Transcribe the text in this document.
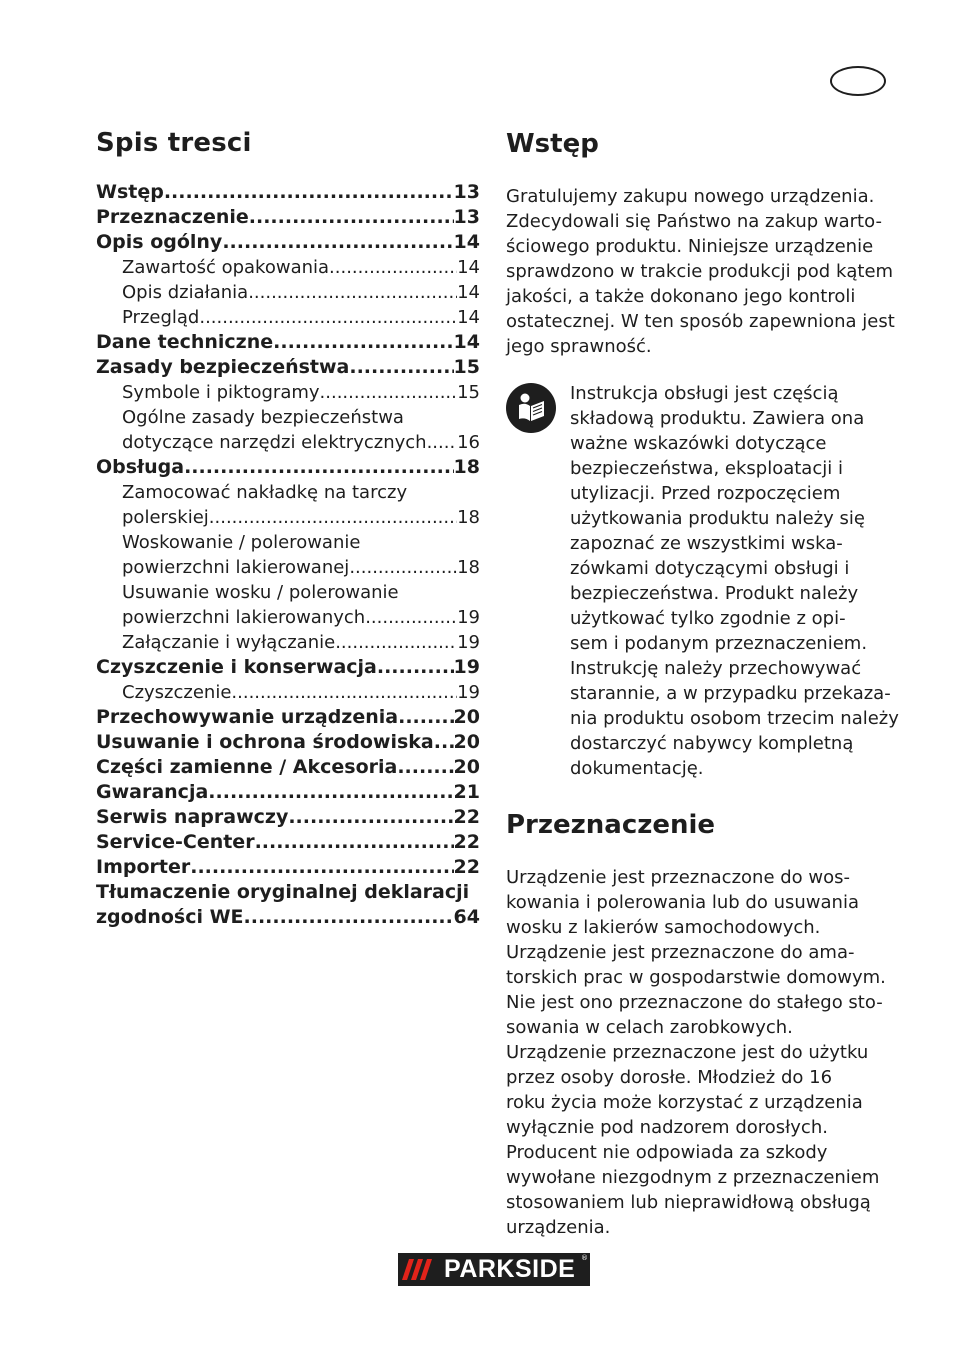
Spis tresci
Wstęp .....	13
Przeznaczenie .....	13
Opis ogólny .....	14
Zawartość opakowania .....	14
Opis działania .....	14
Przegląd .....	14
Dane techniczne .....	14
Zasady bezpieczeństwa .....	15
Symbole i piktogramy .....	15
Ogólne zasady bezpieczeństwa
dotyczące narzędzi elektrycznych ..... 16
Obsługa .....	18
Zamocować nakładkę na tarczy
polerskiej .....	18
Woskowanie / polerowanie
powierzchni lakierowanej .....	18
Usuwanie wosku / polerowanie
powierzchni lakierowanych .....	19
Załączanie i wyłączanie .....	19
Czyszczenie i konserwacja .....	19
Czyszczenie .....	19
Przechowywanie urządzenia .....	20
Usuwanie i ochrona środowiska ..... 20
Części zamienne / Akcesoria .....	20
Gwarancja .....	21
Serwis naprawczy .....	22
Service-Center .....	22
Importer .....	22
Tłumaczenie oryginalnej deklaracji
zgodności WE .....	64
Wstęp
Gratulujemy zakupu nowego urządzenia.
Zdecydowali się Państwo na zakup warto-
ściowego produktu. Niniejsze urządzenie
sprawdzono w trakcie produkcji pod kątem
jakości, a także dokonano jego kontroli
ostatecznej. W ten sposób zapewniona jest
jego sprawność.
Instrukcja obsługi jest częścią
składową produktu. Zawiera ona
ważne wskazówki dotyczące
bezpieczeństwa, eksploatacji i
utylizacji. Przed rozpoczęciem
użytkowania produktu należy się
zapoznać ze wszystkimi wska-
zówkami dotyczącymi obsługi i
bezpieczeństwa. Produkt należy
użytkować tylko zgodnie z opi-
sem i podanym przeznaczeniem.
Instrukcję należy przechowywać
starannie, a w przypadku przekaza-
nia produktu osobom trzecim należy
dostarczyć nabywcy kompletną
dokumentację.
Przeznaczenie
Urządzenie jest przeznaczone do wos-
kowania i polerowania lub do usuwania
wosku z lakierów samochodowych.
Urządzenie jest przeznaczone do ama-
torskich prac w gospodarstwie domowym.
Nie jest ono przeznaczone do stałego sto-
sowania w celach zarobkowych.
Urządzenie przeznaczone jest do użytku
przez osoby dorosłe. Młodzież do 16
roku życia może korzystać z urządzenia
wyłącznie pod nadzorem dorosłych.
Producent nie odpowiada za szkody
wywołane niezgodnym z przeznaczeniem
stosowaniem lub nieprawidłową obsługą
urządzenia.
PARKSIDE ®
